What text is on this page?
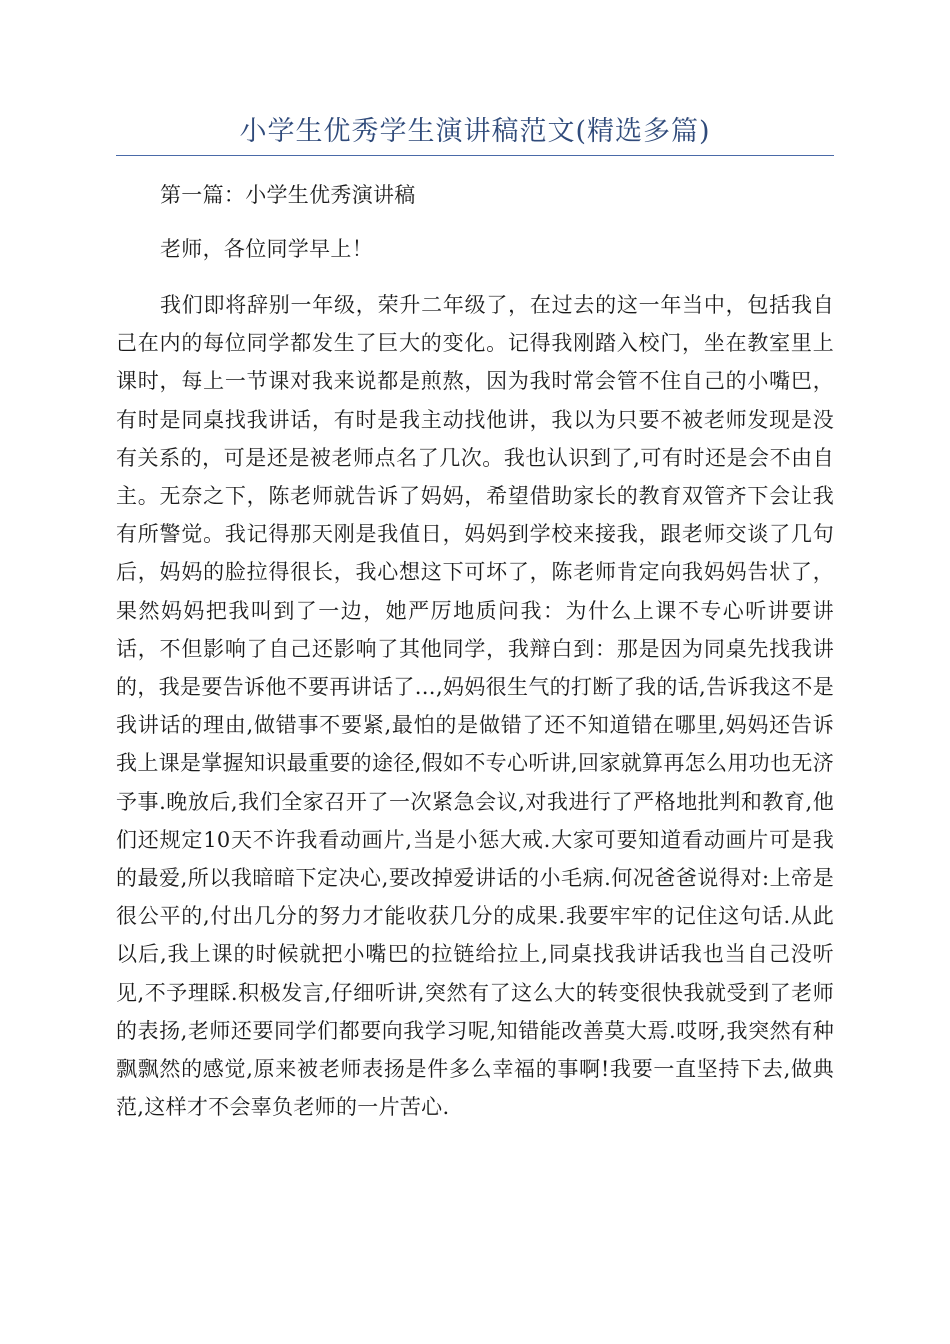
小学生优秀学生演讲稿范文(精选多篇)

第一篇：小学生优秀演讲稿

老师，各位同学早上！

我们即将辞别一年级，荣升二年级了，在过去的这一年当中，包括我自己在内的每位同学都发生了巨大的变化。记得我刚踏入校门，坐在教室里上课时，每上一节课对我来说都是煎熬，因为我时常会管不住自己的小嘴巴，有时是同桌找我讲话，有时是我主动找他讲，我以为只要不被老师发现是没有关系的，可是还是被老师点名了几次。我也认识到了,可有时还是会不由自主。无奈之下，陈老师就告诉了妈妈，希望借助家长的教育双管齐下会让我有所警觉。我记得那天刚是我值日，妈妈到学校来接我，跟老师交谈了几句后，妈妈的脸拉得很长，我心想这下可坏了，陈老师肯定向我妈妈告状了，果然妈妈把我叫到了一边，她严厉地质问我：为什么上课不专心听讲要讲话，不但影响了自己还影响了其他同学，我辩白到：那是因为同桌先找我讲的，我是要告诉他不要再讲话了…,妈妈很生气的打断了我的话,告诉我这不是我讲话的理由,做错事不要紧,最怕的是做错了还不知道错在哪里,妈妈还告诉我上课是掌握知识最重要的途径,假如不专心听讲,回家就算再怎么用功也无济予事.晚放后,我们全家召开了一次紧急会议,对我进行了严格地批判和教育,他们还规定10天不许我看动画片,当是小惩大戒.大家可要知道看动画片可是我的最爱,所以我暗暗下定决心,要改掉爱讲话的小毛病.何况爸爸说得对:上帝是很公平的,付出几分的努力才能收获几分的成果.我要牢牢的记住这句话.从此以后,我上课的时候就把小嘴巴的拉链给拉上,同桌找我讲话我也当自己没听见,不予理睬.积极发言,仔细听讲,突然有了这么大的转变很快我就受到了老师的表扬,老师还要同学们都要向我学习呢,知错能改善莫大焉.哎呀,我突然有种飘飘然的感觉,原来被老师表扬是件多么幸福的事啊!我要一直坚持下去,做典范,这样才不会辜负老师的一片苦心.
